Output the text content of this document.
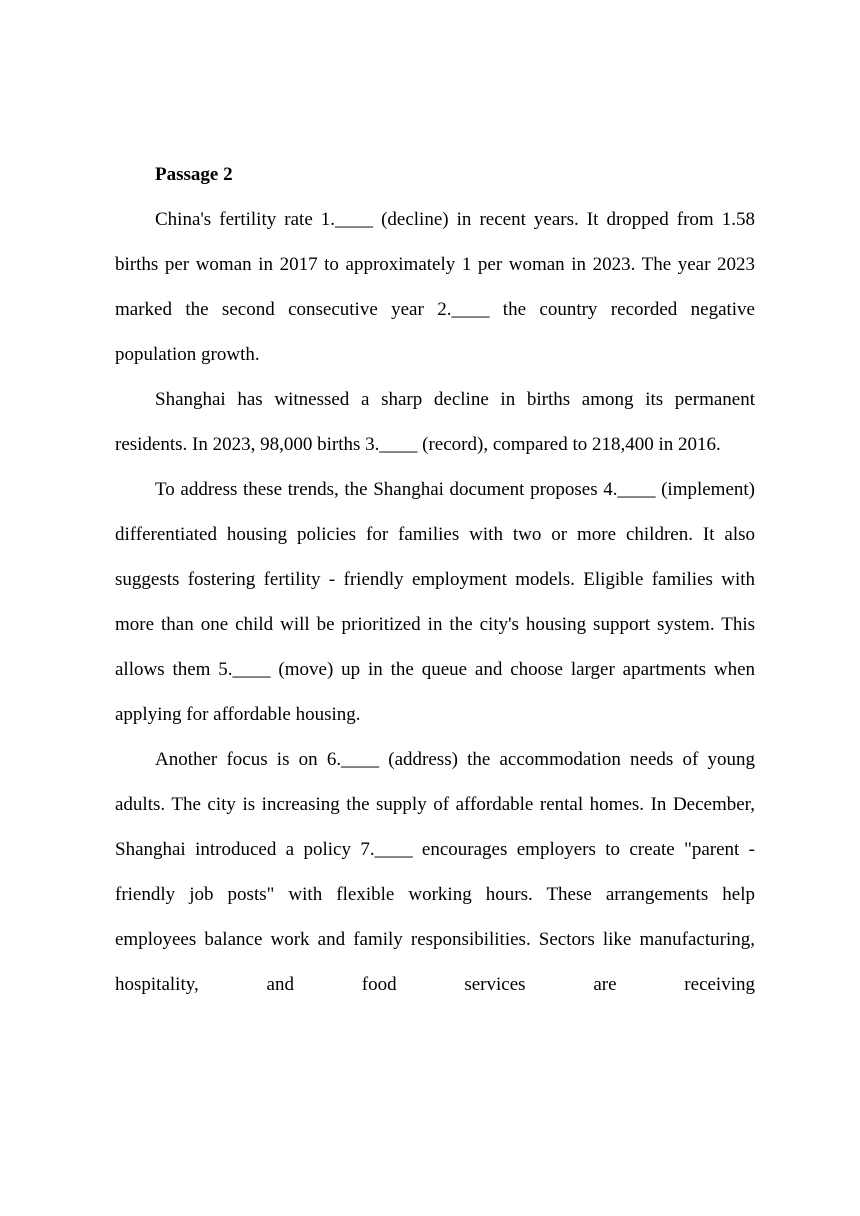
Passage 2

China's fertility rate 1.____ (decline) in recent years. It dropped from 1.58 births per woman in 2017 to approximately 1 per woman in 2023. The year 2023 marked the second consecutive year 2.____ the country recorded negative population growth.

Shanghai has witnessed a sharp decline in births among its permanent residents. In 2023, 98,000 births 3.____ (record), compared to 218,400 in 2016.

To address these trends, the Shanghai document proposes 4.____ (implement) differentiated housing policies for families with two or more children. It also suggests fostering fertility - friendly employment models. Eligible families with more than one child will be prioritized in the city's housing support system. This allows them 5.____ (move) up in the queue and choose larger apartments when applying for affordable housing.

Another focus is on 6.____ (address) the accommodation needs of young adults. The city is increasing the supply of affordable rental homes. In December, Shanghai introduced a policy 7.____ encourages employers to create "parent - friendly job posts" with flexible working hours. These arrangements help employees balance work and family responsibilities. Sectors like manufacturing, hospitality, and food services are receiving
